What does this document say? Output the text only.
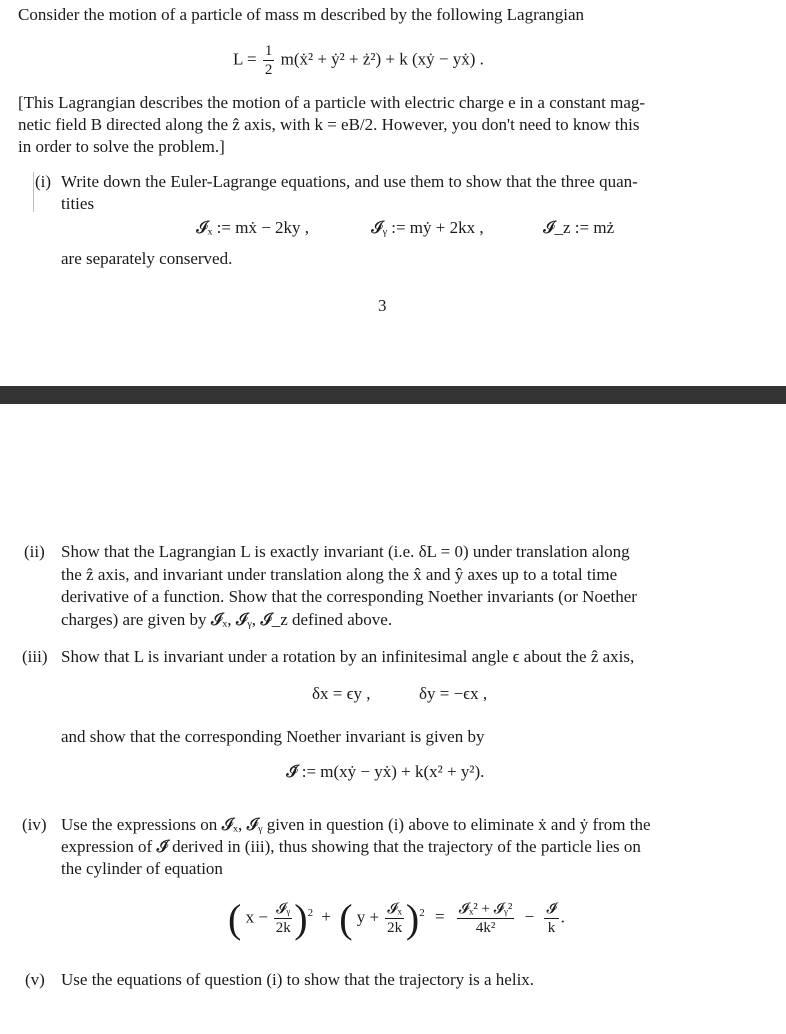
Consider the motion of a particle of mass m described by the following Lagrangian
$L = \frac{1}{2}$ m(ẋ² + ẏ² + ż²) + k (xẏ − yẋ) .
[This Lagrangian describes the motion of a particle with electric charge e in a constant mag-
netic field B directed along the ẑ axis, with k = eB/2. However, you don't need to know this
in order to solve the problem.]
(i) Write down the Euler-Lagrange equations, and use them to show that the three quan-
tities
𝓘ₓ := mẋ − 2ky ,	𝓘ᵧ := mẏ + 2kx ,	𝓘_z := mż
are separately conserved.
3
(ii) Show that the Lagrangian L is exactly invariant (i.e. δL = 0) under translation along
the ẑ axis, and invariant under translation along the x̂ and ŷ axes up to a total time
derivative of a function. Show that the corresponding Noether invariants (or Noether
charges) are given by 𝓘ₓ, 𝓘ᵧ, 𝓘_z defined above.
(iii) Show that L is invariant under a rotation by an infinitesimal angle ϵ about the ẑ axis,
δx = ϵy ,	δy = −ϵx ,
and show that the corresponding Noether invariant is given by
𝓘̃ := m(xẏ − yẋ) + k(x² + y²).
(iv) Use the expressions on 𝓘ₓ, 𝓘ᵧ given in question (i) above to eliminate ẋ and ẏ from the
expression of 𝓘̃ derived in (iii), thus showing that the trajectory of the particle lies on
the cylinder of equation
( $x - \frac{\text{𝓘ᵧ}}{2k} )^2$ + ( $y + \frac{\text{𝓘ₓ}}{2k} )^2 = \frac{\text{𝓘ₓ² + 𝓘ᵧ²}}{\text{4k²}} - \frac{\text{𝓘̃}}{k}$ .
(v) Use the equations of question (i) to show that the trajectory is a helix.
